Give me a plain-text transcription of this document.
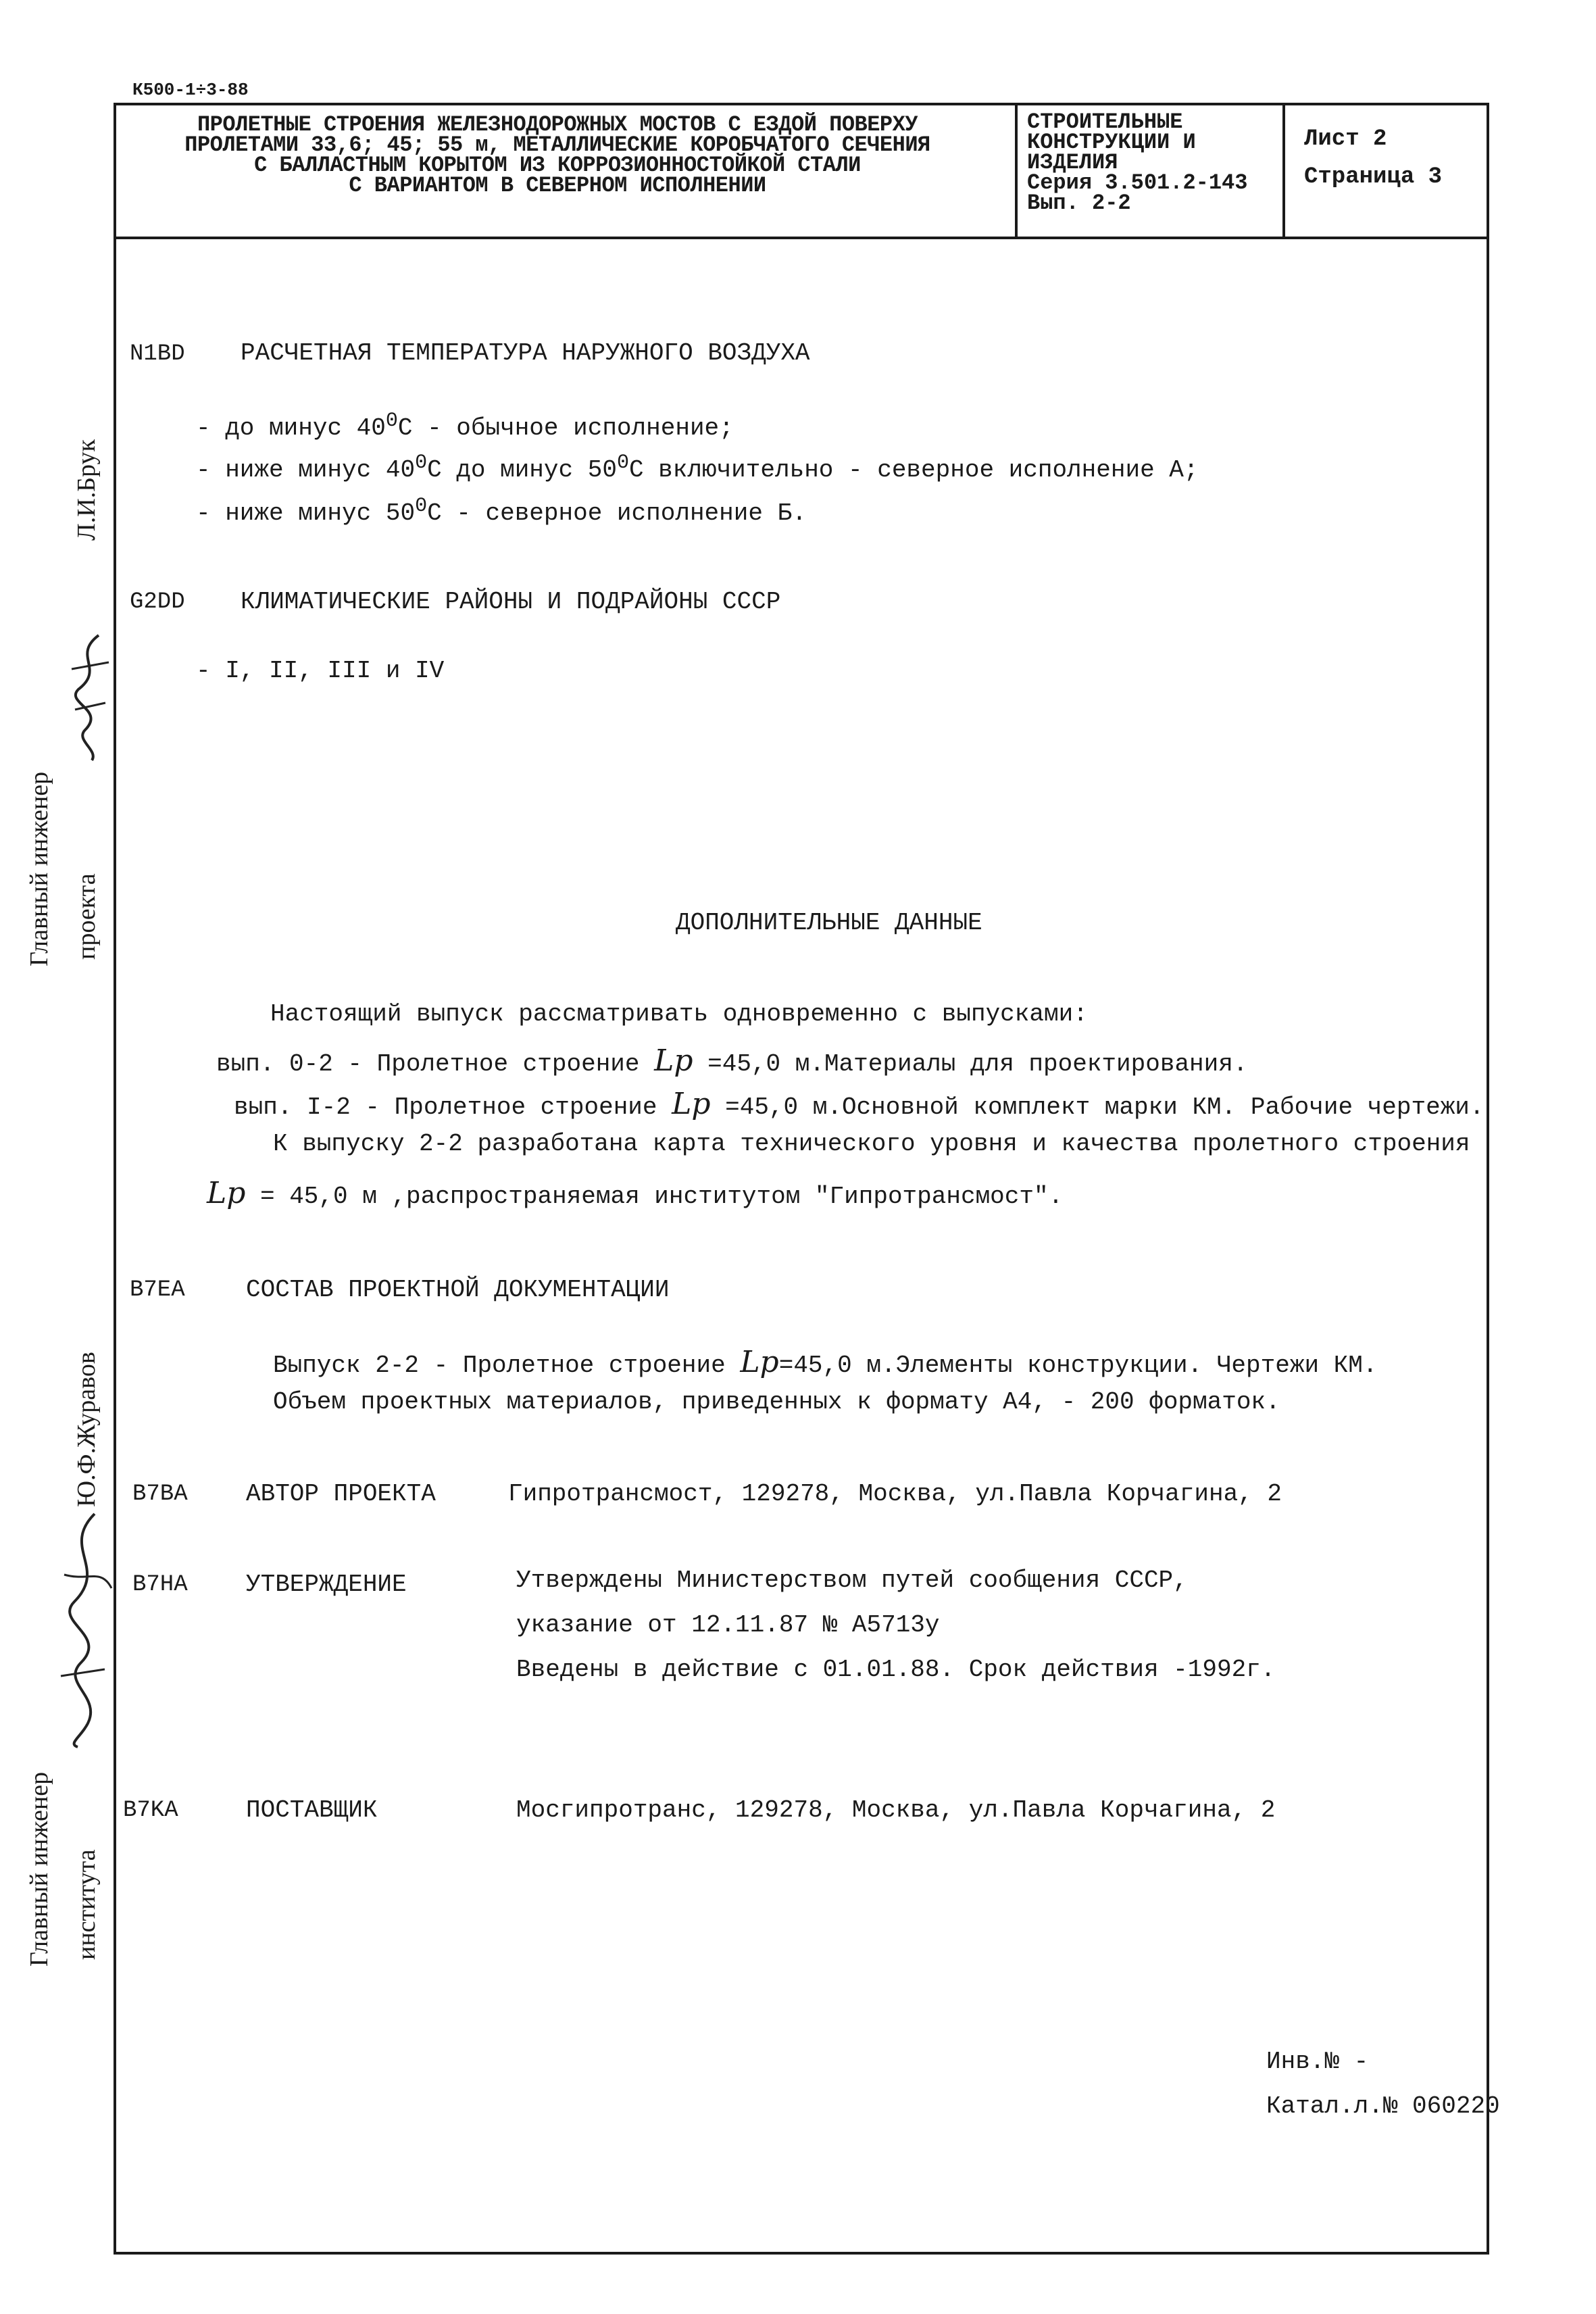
К500-1÷3-88
ПРОЛЕТНЫЕ СТРОЕНИЯ ЖЕЛЕЗНОДОРОЖНЫХ МОСТОВ С ЕЗДОЙ ПОВЕРХУ
ПРОЛЕТАМИ 33,6; 45; 55 м, МЕТАЛЛИЧЕСКИЕ КОРОБЧАТОГО СЕЧЕНИЯ
С БАЛЛАСТНЫМ КОРЫТОМ ИЗ КОРРОЗИОННОСТОЙКОЙ СТАЛИ
С ВАРИАНТОМ В СЕВЕРНОМ ИСПОЛНЕНИИ
СТРОИТЕЛЬНЫЕ
КОНСТРУКЦИИ И
ИЗДЕЛИЯ
Серия 3.501.2-143
Вып. 2-2
Лист 2
Страница 3
Главный инженер проекта
Л.И.Брук
Главный инженер института
Ю.Ф.Журавов
N1BD РАСЧЕТНАЯ ТЕМПЕРАТУРА НАРУЖНОГО ВОЗДУХА
- до минус $40^0С$ - обычное исполнение;
- ниже минус $40^0С$ до минус $50^0С$ включительно - северное исполнение А;
- ниже минус $50^0С$ - северное исполнение Б.
G2DD КЛИМАТИЧЕСКИЕ РАЙОНЫ И ПОДРАЙОНЫ СССР
- I, II, III и IV
ДОПОЛНИТЕЛЬНЫЕ ДАННЫЕ
Настоящий выпуск рассматривать одновременно с выпусками:
вып. 0-2 - Пролетное строение Lр =45,0 м.Материалы для проектирования.
вып. I-2 - Пролетное строение Lр =45,0 м.Основной комплект марки КМ. Рабочие чертежи.
К выпуску 2-2 разработана карта технического уровня и качества пролетного строения
Lр = 45,0 м ,распространяемая институтом "Гипротрансмост".
B7EA	СОСТАВ ПРОЕКТНОЙ ДОКУМЕНТАЦИИ
Выпуск 2-2 - Пролетное строение Lр=45,0 м.Элементы конструкции. Чертежи КМ.
Объем проектных материалов, приведенных к формату А4, - 200 форматок.
B7BA АВТОР ПРОЕКТА	Гипротрансмост, 129278, Москва, ул.Павла Корчагина, 2
B7HA УТВЕРЖДЕНИЕ	Утверждены Министерством путей сообщения СССР,
указание от 12.11.87 № А5713у
Введены в действие с 01.01.88. Срок действия -1992г.
B7KA	ПОСТАВЩИК	Мосгипротранс, 129278, Москва, ул.Павла Корчагина, 2
Инв.№ -
Катал.л.№ 060220
